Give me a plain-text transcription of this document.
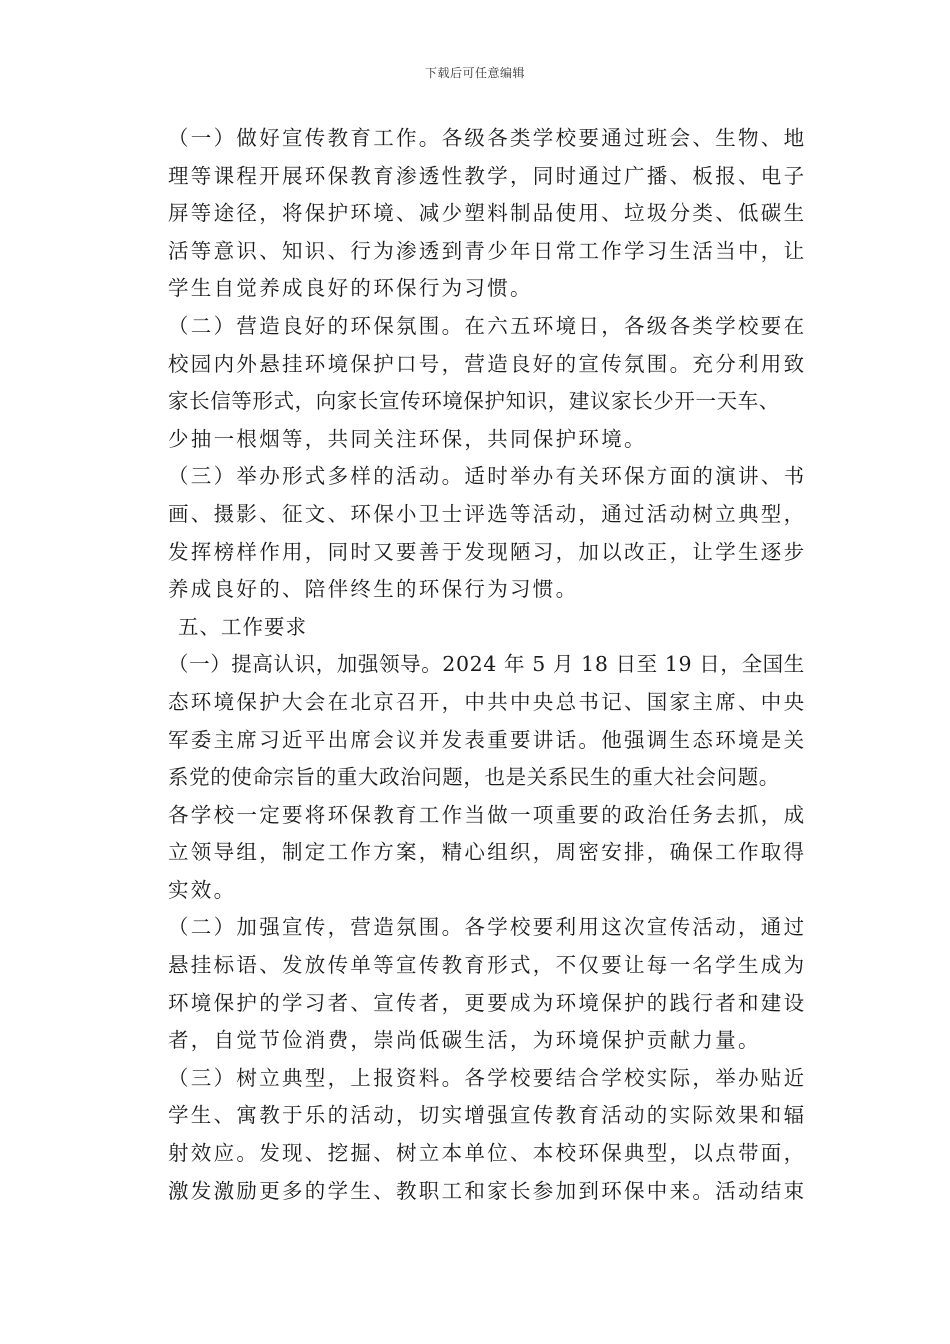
下载后可任意编辑
（一）做好宣传教育工作。各级各类学校要通过班会、生物、地
理等课程开展环保教育渗透性教学，同时通过广播、板报、电子
屏等途径，将保护环境、减少塑料制品使用、垃圾分类、低碳生
活等意识、知识、行为渗透到青少年日常工作学习生活当中，让
学生自觉养成良好的环保行为习惯。
（二）营造良好的环保氛围。在六五环境日，各级各类学校要在
校园内外悬挂环境保护口号，营造良好的宣传氛围。充分利用致
家长信等形式，向家长宣传环境保护知识，建议家长少开一天车、
少抽一根烟等，共同关注环保，共同保护环境。
（三）举办形式多样的活动。适时举办有关环保方面的演讲、书
画、摄影、征文、环保小卫士评选等活动，通过活动树立典型，
发挥榜样作用，同时又要善于发现陋习，加以改正，让学生逐步
养成良好的、陪伴终生的环保行为习惯。
五、工作要求
（一）提高认识，加强领导。2024 年 5 月 18 日至 19 日，全国生
态环境保护大会在北京召开，中共中央总书记、国家主席、中央
军委主席习近平出席会议并发表重要讲话。他强调生态环境是关
系党的使命宗旨的重大政治问题，也是关系民生的重大社会问题。
各学校一定要将环保教育工作当做一项重要的政治任务去抓，成
立领导组，制定工作方案，精心组织，周密安排，确保工作取得
实效。
（二）加强宣传，营造氛围。各学校要利用这次宣传活动，通过
悬挂标语、发放传单等宣传教育形式，不仅要让每一名学生成为
环境保护的学习者、宣传者，更要成为环境保护的践行者和建设
者，自觉节俭消费，崇尚低碳生活，为环境保护贡献力量。
（三）树立典型，上报资料。各学校要结合学校实际，举办贴近
学生、寓教于乐的活动，切实增强宣传教育活动的实际效果和辐
射效应。发现、挖掘、树立本单位、本校环保典型，以点带面，
激发激励更多的学生、教职工和家长参加到环保中来。活动结束
